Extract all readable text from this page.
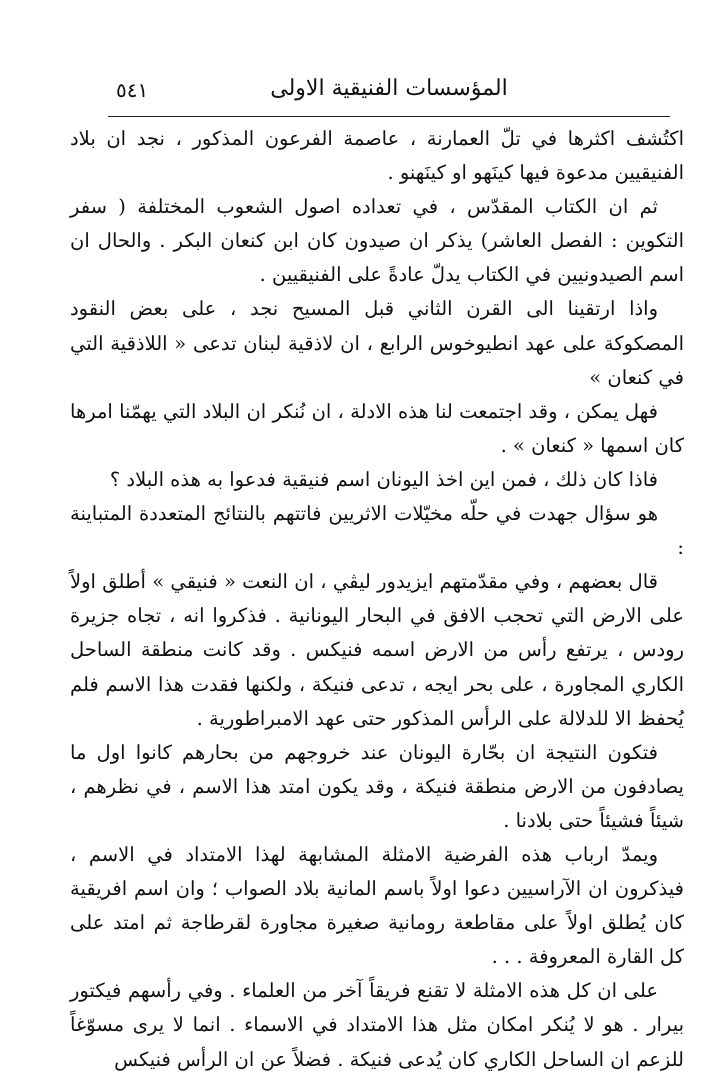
المؤسسات الفنيقية الاولى
٥٤١

اكتُشف اكثرها في تلّ العمارنة ، عاصمة الفرعون المذكور ، نجد ان بلاد الفنيقيين مدعوة فيها كينَهو او كينَهنو .

ثم ان الكتاب المقدّس ، في تعداده اصول الشعوب المختلفة ( سفر التكوين : الفصل العاشر) يذكر ان صيدون كان ابن كنعان البكر . والحال ان اسم الصيدونيين في الكتاب يدلّ عادةً على الفنيقيين .

واذا ارتقينا الى القرن الثاني قبل المسيح نجد ، على بعض النقود المصكوكة على عهد انطيوخوس الرابع ، ان لاذقية لبنان تدعى « اللاذقية التي في كنعان »

فهل يمكن ، وقد اجتمعت لنا هذه الادلة ، ان نُنكر ان البلاد التي يهمّنا امرها كان اسمها « كنعان » .

فاذا كان ذلك ، فمن اين اخذ اليونان اسم فنيقية فدعوا به هذه البلاد ؟

هو سؤال جهدت في حلّه مخيّلات الاثريين فاتتهم بالنتائج المتعددة المتباينة :

قال بعضهم ، وفي مقدّمتهم ايزيدور ليڤي ، ان النعت « فنيقي » أطلق اولاً على الارض التي تحجب الافق في البحار اليونانية . فذكروا انه ، تجاه جزيرة رودس ، يرتفع رأس من الارض اسمه فنيكس . وقد كانت منطقة الساحل الكاري المجاورة ، على بحر ايجه ، تدعى فنيكة ، ولكنها فقدت هذا الاسم فلم يُحفظ الا للدلالة على الرأس المذكور حتى عهد الامبراطورية .

فتكون النتيجة ان بحّارة اليونان عند خروجهم من بحارهم كانوا اول ما يصادفون من الارض منطقة فنيكة ، وقد يكون امتد هذا الاسم ، في نظرهم ، شيئاً فشيئاً حتى بلادنا .

ويمدّ ارباب هذه الفرضية الامثلة المشابهة لهذا الامتداد في الاسم ، فيذكرون ان الآراسيين دعوا اولاً باسم المانية بلاد الصواب ؛ وان اسم افريقية كان يُطلق اولاً على مقاطعة رومانية صغيرة مجاورة لقرطاجة ثم امتد على كل القارة المعروفة . . .

على ان كل هذه الامثلة لا تقنع فريقاً آخر من العلماء . وفي رأسهم فيكتور بيرار . هو لا يُنكر امكان مثل هذا الامتداد في الاسماء . انما لا يرى مسوّغاً للزعم ان الساحل الكاري كان يُدعى فنيكة . فضلاً عن ان الرأس فنيكس
